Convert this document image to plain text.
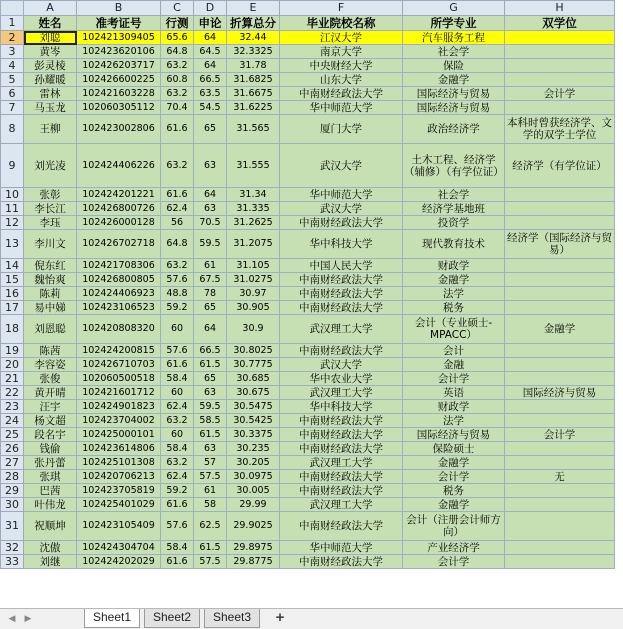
	A	B	C	D	E	F	G	H
1	姓名	准考证号	行测	申论	折算总分	毕业院校名称	所学专业	双学位
2	刘聪	102421309405	65.6	64	32.44	江汉大学	汽车服务工程	
3	黄岑	102423620106	64.8	64.5	32.3325	南京大学	社会学	
4	彭灵棱	102426203717	63.2	64	31.78	中央财经大学	保险	
5	孙耀暖	102426600225	60.8	66.5	31.6825	山东大学	金融学	
6	雷林	102421603228	63.2	63.5	31.6675	中南财经政法大学	国际经济与贸易	会计学
7	马玉龙	102060305112	70.4	54.5	31.6225	华中师范大学	国际经济与贸易	
8	王柳	102423002806	61.6	65	31.565	厦门大学	政治经济学	本科时曾获经济学、文学的双学士学位
9	刘光凌	102424406226	63.2	63	31.555	武汉大学	土木工程、经济学（辅修）（有学位证）	经济学（有学位证）
10	张彰	102424201221	61.6	64	31.34	华中师范大学	社会学	
11	李长江	102426800726	62.4	63	31.335	武汉大学	经济学基地班	
12	李珏	102426000128	56	70.5	31.2625	中南财经政法大学	投资学	
13	李川文	102426702718	64.8	59.5	31.2075	华中科技大学	现代教育技术	经济学（国际经济与贸易）
14	倪东红	102421708306	63.2	61	31.105	中国人民大学	财政学	
15	魏怡爽	102426800805	57.6	67.5	31.0275	中南财经政法大学	金融学	
16	陈莉	102424406923	48.8	78	30.97	中南财经政法大学	法学	
17	易中娣	102423106523	59.2	65	30.905	中南财经政法大学	税务	
18	刘恩聪	102420808320	60	64	30.9	武汉理工大学	会计（专业硕士-MPACC）	金融学
19	陈茜	102424200815	57.6	66.5	30.8025	中南财经政法大学	会计	
20	李容姿	102426710703	61.6	61.5	30.7775	武汉大学	金融	
21	张俊	102060500518	58.4	65	30.685	华中农业大学	会计学	
22	黄开晴	102421601712	60	63	30.675	武汉理工大学	英语	国际经济与贸易
23	汪宇	102424901823	62.4	59.5	30.5475	华中科技大学	财政学	
24	杨文超	102423704002	63.2	58.5	30.5425	中南财经政法大学	法学	
25	段名宇	102425000101	60	61.5	30.3375	中南财经政法大学	国际经济与贸易	会计学
26	钱偷	102423614806	58.4	63	30.235	中南财经政法大学	保险硕士	
27	张丹蕾	102425101308	63.2	57	30.205	武汉理工大学	金融学	
28	张琪	102420706213	62.4	57.5	30.0975	中南财经政法大学	会计学	无
29	巴茜	102423705819	59.2	61	30.005	中南财经政法大学	税务	
30	叶伟龙	102425401029	61.6	58	29.99	武汉理工大学	金融学	
31	祝顺坤	102423105409	57.6	62.5	29.9025	中南财经政法大学	会计（注册会计师方向）	
32	沈傲	102424304704	58.4	61.5	29.8975	华中师范大学	产业经济学	
33	刘继	102424202029	61.6	57.5	29.8775	中南财经政法大学	会计学	
◀ ▶	Sheet1	Sheet2	Sheet3	+
